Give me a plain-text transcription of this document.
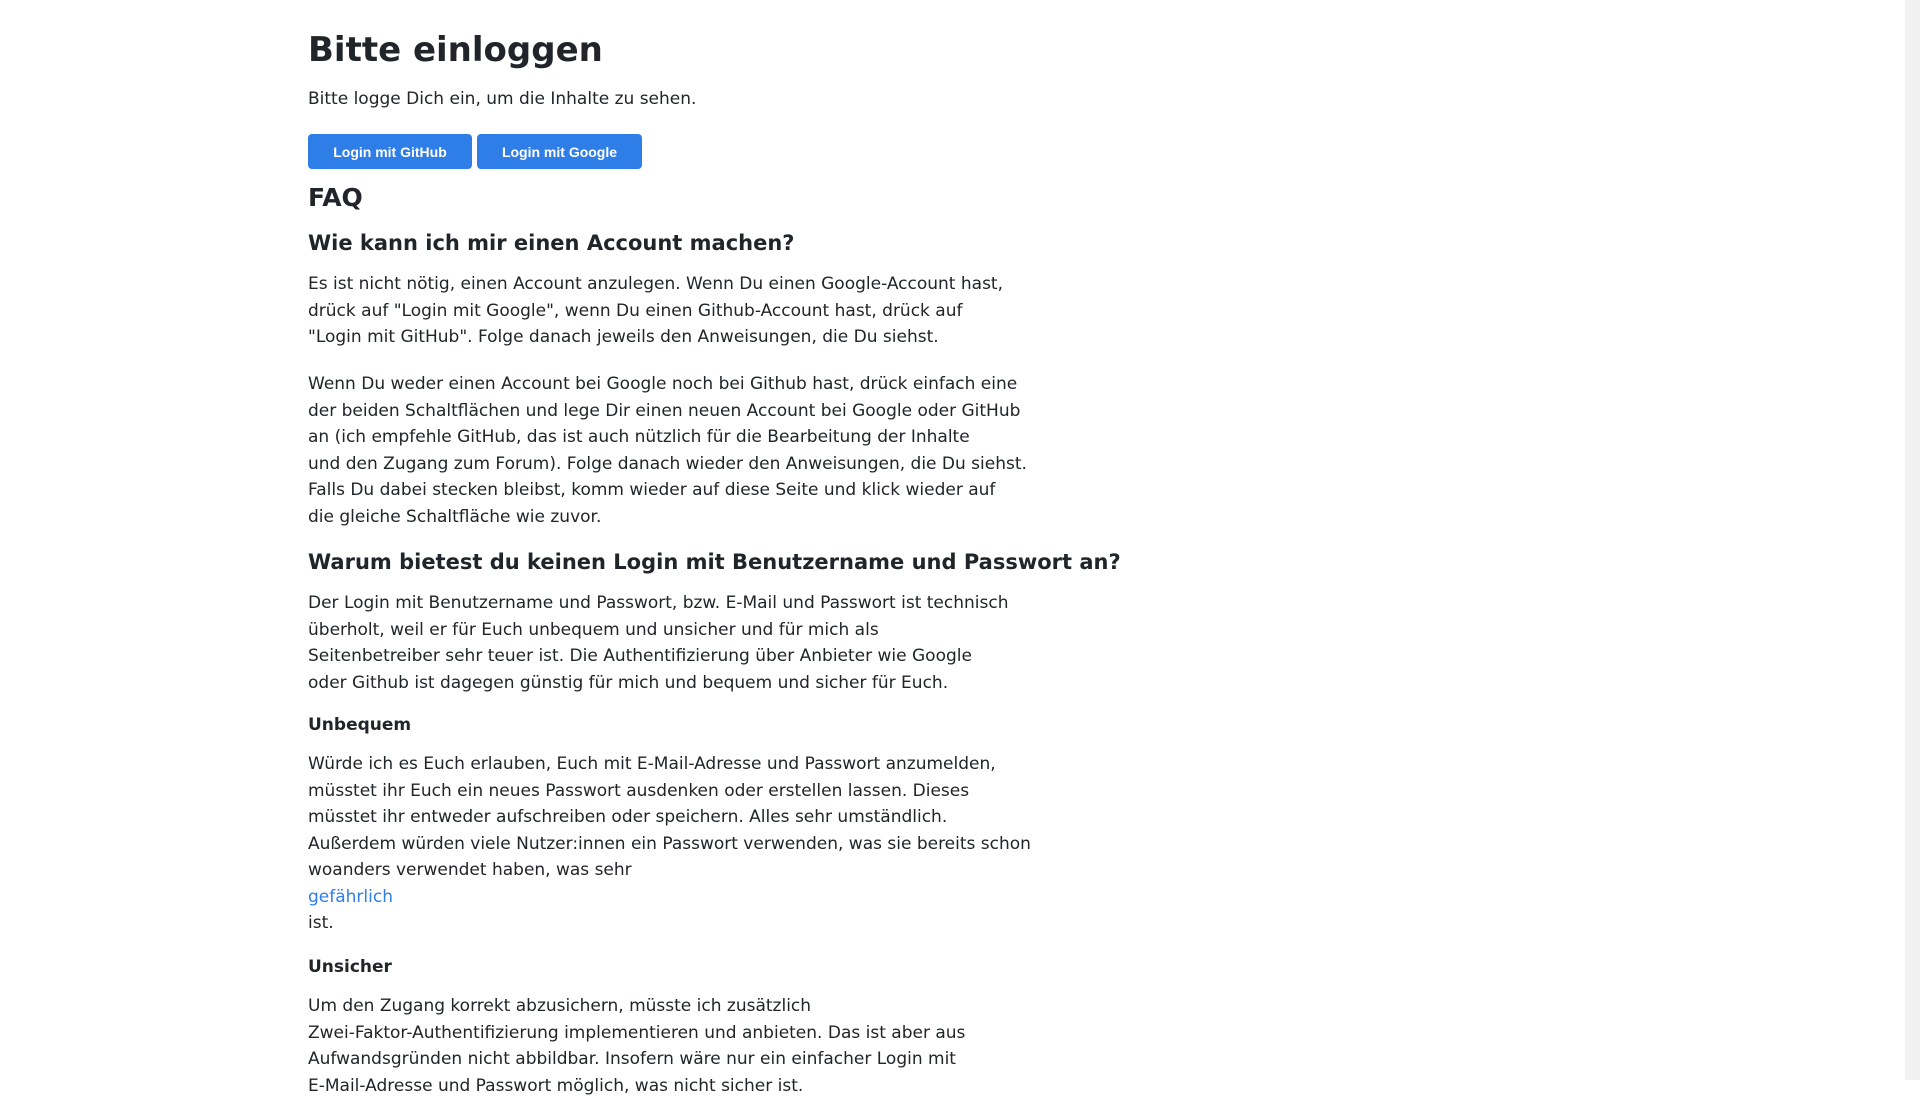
Bitte einloggen

Bitte logge Dich ein, um die Inhalte zu sehen.

Login mit GitHub	Login mit Google
FAQ
Wie kann ich mir einen Account machen?
Es ist nicht nötig, einen Account anzulegen. Wenn Du einen Google-Account hast,
drück auf "Login mit Google", wenn Du einen Github-Account hast, drück auf
"Login mit GitHub". Folge danach jeweils den Anweisungen, die Du siehst.
Wenn Du weder einen Account bei Google noch bei Github hast, drück einfach eine
der beiden Schaltflächen und lege Dir einen neuen Account bei Google oder GitHub
an (ich empfehle GitHub, das ist auch nützlich für die Bearbeitung der Inhalte
und den Zugang zum Forum). Folge danach wieder den Anweisungen, die Du siehst.
Falls Du dabei stecken bleibst, komm wieder auf diese Seite und klick wieder auf
die gleiche Schaltfläche wie zuvor.
Warum bietest du keinen Login mit Benutzername und Passwort an?
Der Login mit Benutzername und Passwort, bzw. E-Mail und Passwort ist technisch
überholt, weil er für Euch unbequem und unsicher und für mich als
Seitenbetreiber sehr teuer ist. Die Authentifizierung über Anbieter wie Google
oder Github ist dagegen günstig für mich und bequem und sicher für Euch.
Unbequem
Würde ich es Euch erlauben, Euch mit E-Mail-Adresse und Passwort anzumelden,
müsstet ihr Euch ein neues Passwort ausdenken oder erstellen lassen. Dieses
müsstet ihr entweder aufschreiben oder speichern. Alles sehr umständlich.
Außerdem würden viele Nutzer:innen ein Passwort verwenden, was sie bereits schon
woanders verwendet haben, was sehr
gefährlich
ist.
Unsicher
Um den Zugang korrekt abzusichern, müsste ich zusätzlich
Zwei-Faktor-Authentifizierung implementieren und anbieten. Das ist aber aus
Aufwandsgründen nicht abbildbar. Insofern wäre nur ein einfacher Login mit
E-Mail-Adresse und Passwort möglich, was nicht sicher ist.
